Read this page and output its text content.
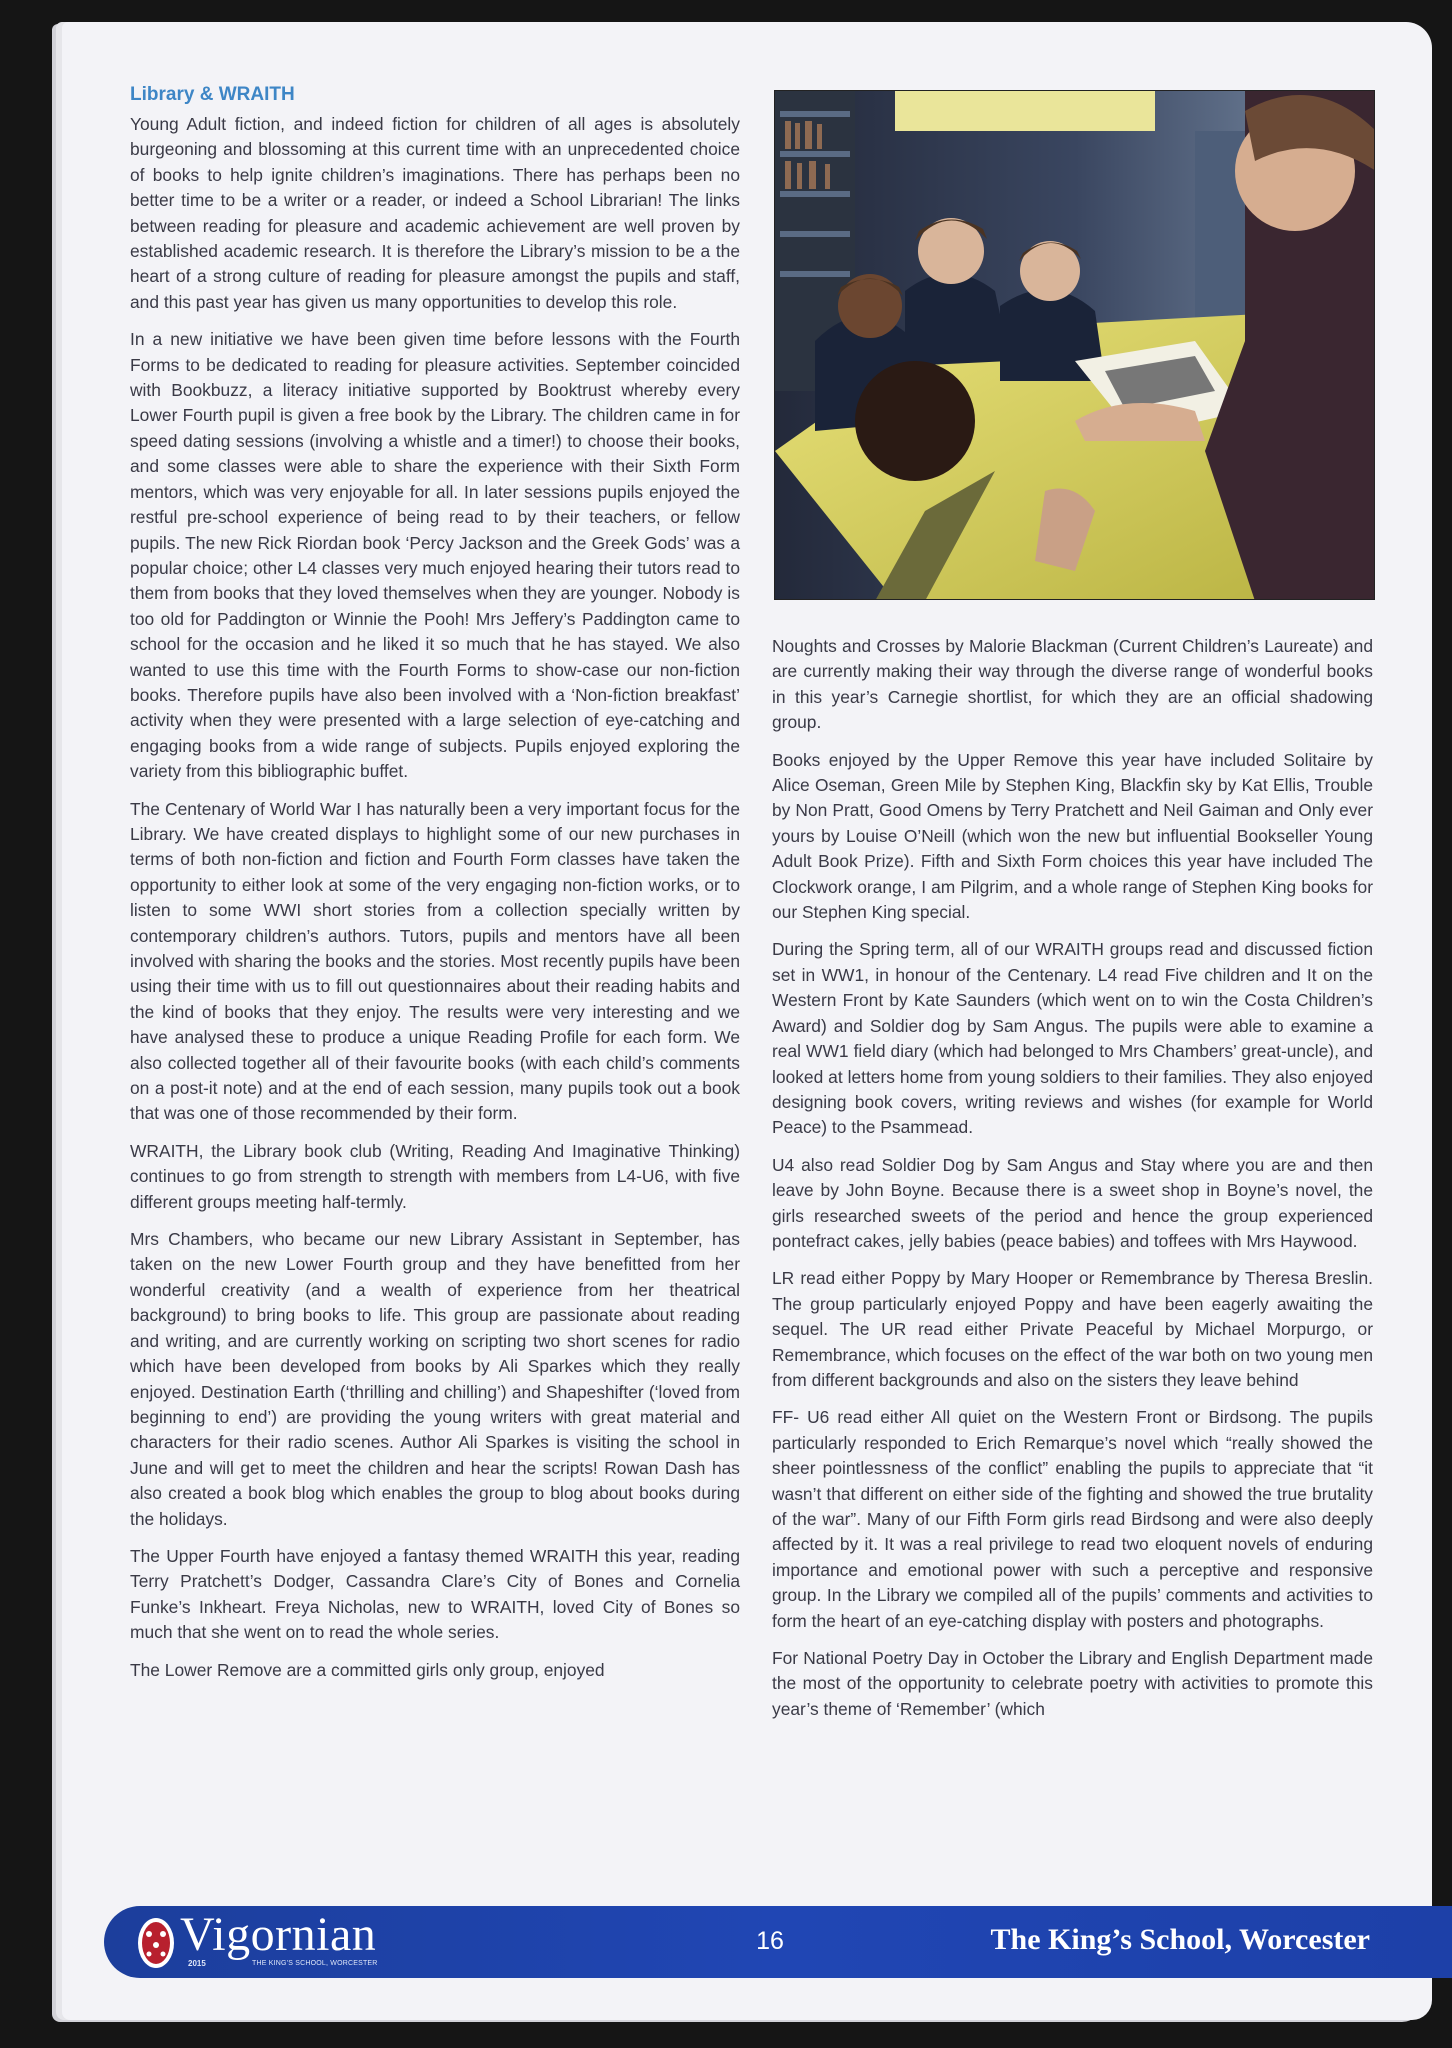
Library & WRAITH

Young Adult fiction, and indeed fiction for children of all ages is absolutely burgeoning and blossoming at this current time with an unprecedented choice of books to help ignite children’s imaginations. There has perhaps been no better time to be a writer or a reader, or indeed a School Librarian! The links between reading for pleasure and academic achievement are well proven by established academic research. It is therefore the Library’s mission to be a the heart of a strong culture of reading for pleasure amongst the pupils and staff, and this past year has given us many opportunities to develop this role.

In a new initiative we have been given time before lessons with the Fourth Forms to be dedicated to reading for pleasure activities. September coincided with Bookbuzz, a literacy initiative supported by Booktrust whereby every Lower Fourth pupil is given a free book by the Library. The children came in for speed dating sessions (involving a whistle and a timer!) to choose their books, and some classes were able to share the experience with their Sixth Form mentors, which was very enjoyable for all. In later sessions pupils enjoyed the restful pre-school experience of being read to by their teachers, or fellow pupils. The new Rick Riordan book ‘Percy Jackson and the Greek Gods’ was a popular choice; other L4 classes very much enjoyed hearing their tutors read to them from books that they loved themselves when they are younger. Nobody is too old for Paddington or Winnie the Pooh! Mrs Jeffery’s Paddington came to school for the occasion and he liked it so much that he has stayed. We also wanted to use this time with the Fourth Forms to show-case our non-fiction books. Therefore pupils have also been involved with a ‘Non-fiction breakfast’ activity when they were presented with a large selection of eye-catching and engaging books from a wide range of subjects. Pupils enjoyed exploring the variety from this bibliographic buffet.

The Centenary of World War I has naturally been a very important focus for the Library. We have created displays to highlight some of our new purchases in terms of both non-fiction and fiction and Fourth Form classes have taken the opportunity to either look at some of the very engaging non-fiction works, or to listen to some WWI short stories from a collection specially written by contemporary children’s authors. Tutors, pupils and mentors have all been involved with sharing the books and the stories. Most recently pupils have been using their time with us to fill out questionnaires about their reading habits and the kind of books that they enjoy. The results were very interesting and we have analysed these to produce a unique Reading Profile for each form. We also collected together all of their favourite books (with each child’s comments on a post-it note) and at the end of each session, many pupils took out a book that was one of those recommended by their form.

WRAITH, the Library book club (Writing, Reading And Imaginative Thinking) continues to go from strength to strength with members from L4-U6, with five different groups meeting half-termly.

Mrs Chambers, who became our new Library Assistant in September, has taken on the new Lower Fourth group and they have benefitted from her wonderful creativity (and a wealth of experience from her theatrical background) to bring books to life. This group are passionate about reading and writing, and are currently working on scripting two short scenes for radio which have been developed from books by Ali Sparkes which they really enjoyed. Destination Earth (‘thrilling and chilling’) and Shapeshifter (‘loved from beginning to end’) are providing the young writers with great material and characters for their radio scenes. Author Ali Sparkes is visiting the school in June and will get to meet the children and hear the scripts! Rowan Dash has also created a book blog which enables the group to blog about books during the holidays.

The Upper Fourth have enjoyed a fantasy themed WRAITH this year, reading Terry Pratchett’s Dodger, Cassandra Clare’s City of Bones and Cornelia Funke’s Inkheart. Freya Nicholas, new to WRAITH, loved City of Bones so much that she went on to read the whole series.

The Lower Remove are a committed girls only group, enjoyed

Noughts and Crosses by Malorie Blackman (Current Children’s Laureate) and are currently making their way through the diverse range of wonderful books in this year’s Carnegie shortlist, for which they are an official shadowing group.

Books enjoyed by the Upper Remove this year have included Solitaire by Alice Oseman, Green Mile by Stephen King, Blackfin sky by Kat Ellis, Trouble by Non Pratt, Good Omens by Terry Pratchett and Neil Gaiman and Only ever yours by Louise O’Neill (which won the new but influential Bookseller Young Adult Book Prize). Fifth and Sixth Form choices this year have included The Clockwork orange, I am Pilgrim, and a whole range of Stephen King books for our Stephen King special.

During the Spring term, all of our WRAITH groups read and discussed fiction set in WW1, in honour of the Centenary. L4 read Five children and It on the Western Front by Kate Saunders (which went on to win the Costa Children’s Award) and Soldier dog by Sam Angus. The pupils were able to examine a real WW1 field diary (which had belonged to Mrs Chambers’ great-uncle), and looked at letters home from young soldiers to their families. They also enjoyed designing book covers, writing reviews and wishes (for example for World Peace) to the Psammead.

U4 also read Soldier Dog by Sam Angus and Stay where you are and then leave by John Boyne. Because there is a sweet shop in Boyne’s novel, the girls researched sweets of the period and hence the group experienced pontefract cakes, jelly babies (peace babies) and toffees with Mrs Haywood.

LR read either Poppy by Mary Hooper or Remembrance by Theresa Breslin. The group particularly enjoyed Poppy and have been eagerly awaiting the sequel. The UR read either Private Peaceful by Michael Morpurgo, or Remembrance, which focuses on the effect of the war both on two young men from different backgrounds and also on the sisters they leave behind

FF- U6 read either All quiet on the Western Front or Birdsong. The pupils particularly responded to Erich Remarque’s novel which “really showed the sheer pointlessness of the conflict” enabling the pupils to appreciate that “it wasn’t that different on either side of the fighting and showed the true brutality of the war”. Many of our Fifth Form girls read Birdsong and were also deeply affected by it. It was a real privilege to read two eloquent novels of enduring importance and emotional power with such a perceptive and responsive group. In the Library we compiled all of the pupils’ comments and activities to form the heart of an eye-catching display with posters and photographs.

For National Poetry Day in October the Library and English Department made the most of the opportunity to celebrate poetry with activities to promote this year’s theme of ‘Remember’ (which

Vigornian
2015	THE KING'S SCHOOL, WORCESTER
16	The King’s School, Worcester
